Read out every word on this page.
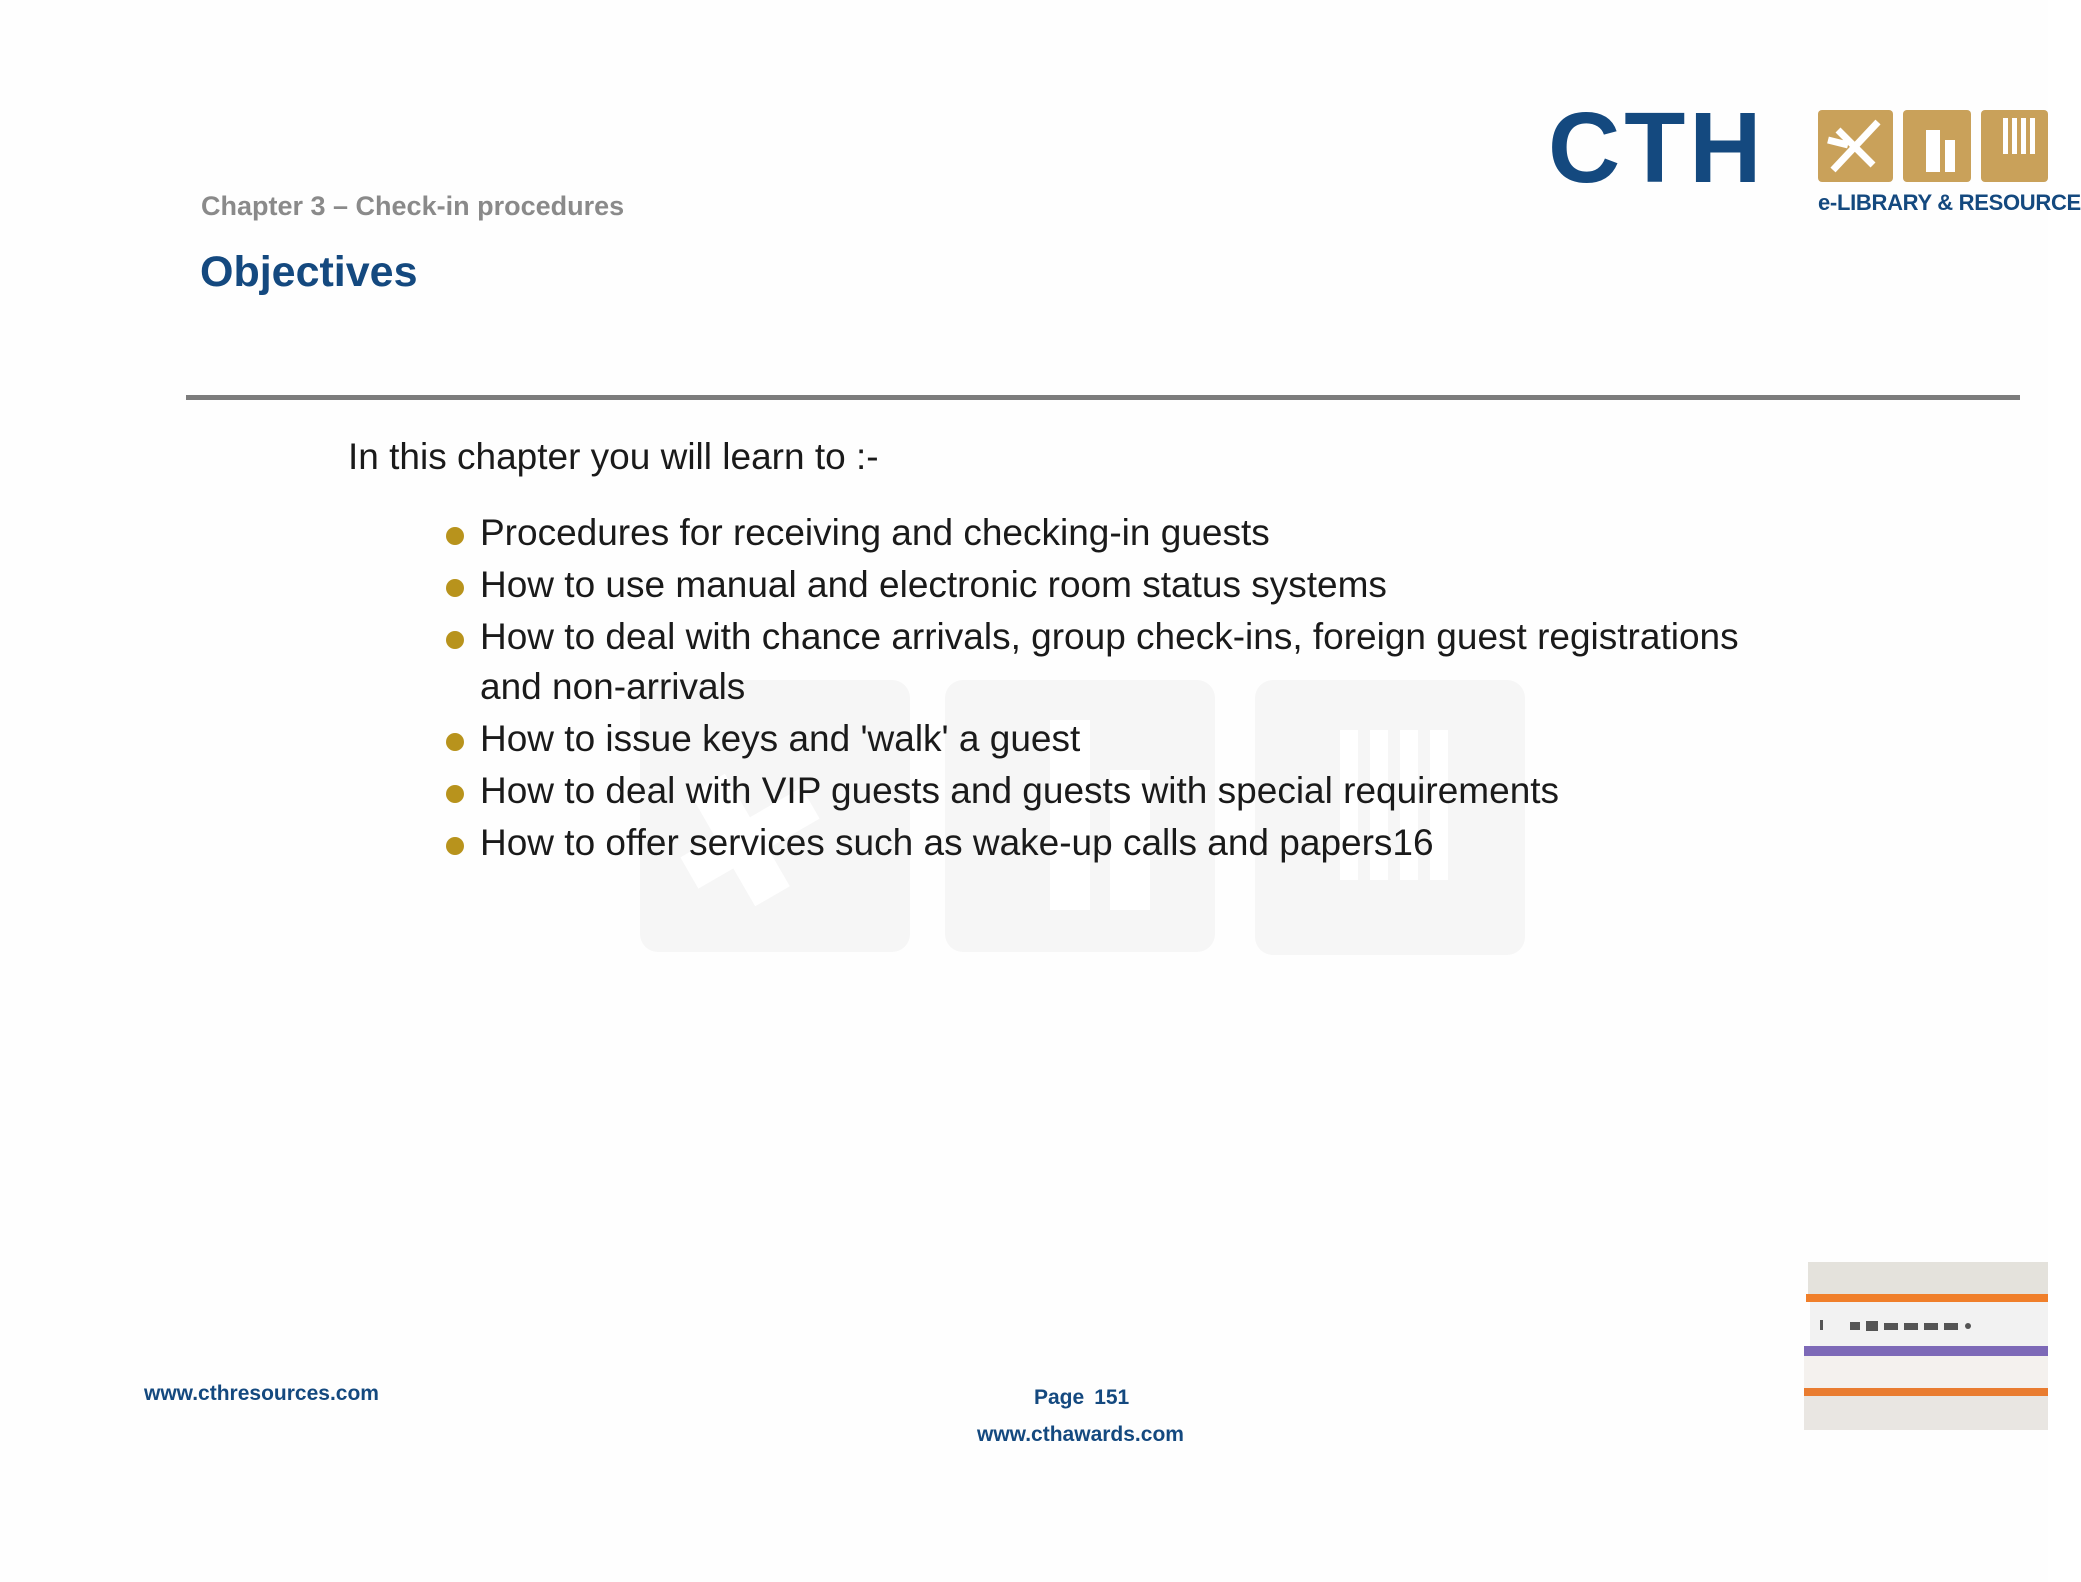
CTH e-LIBRARY & RESOURCE
Chapter 3 – Check-in procedures
Objectives
In this chapter you will learn to :-
Procedures for receiving and checking-in guests
How to use manual and electronic room status systems
How to deal with chance arrivals, group check-ins, foreign guest registrations and non-arrivals
How to issue keys and 'walk' a guest
How to deal with VIP guests and guests with special requirements
How to offer services such as wake-up calls and papers16
www.cthresources.com	Page 151
www.cthawards.com
